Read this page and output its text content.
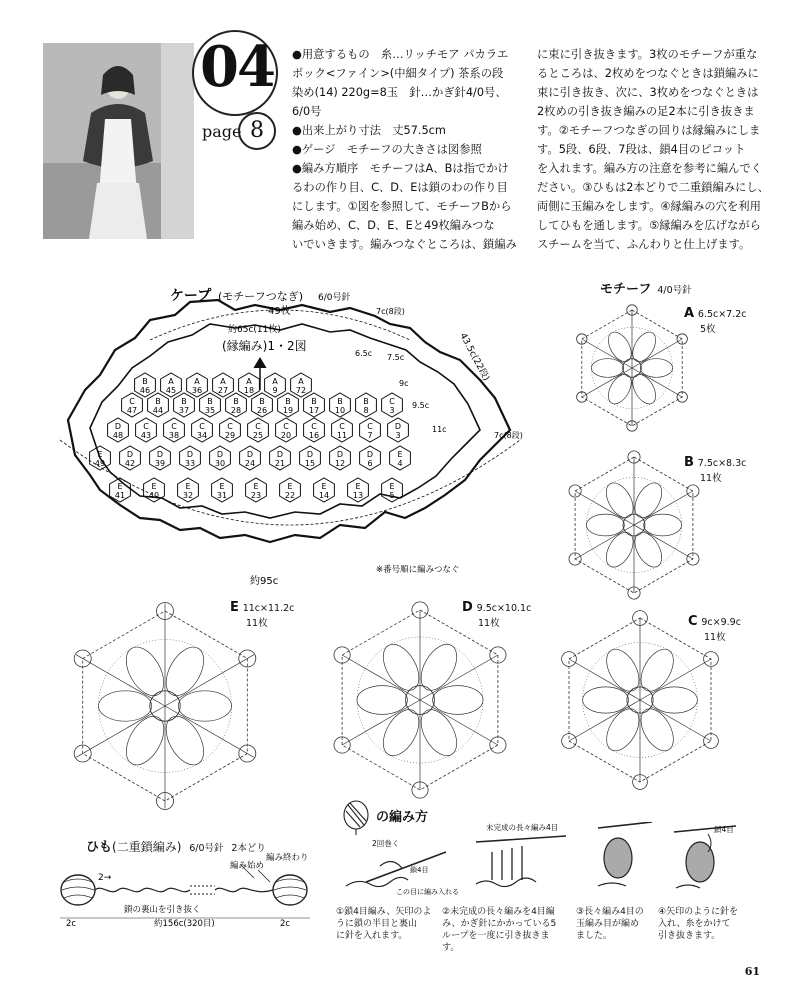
04
page 8

●用意するもの　糸…リッチモア パカラエ

ポック<ファイン>(中細タイプ) 茶系の段

染め(14) 220g=8玉　針…かぎ針4/0号、

6/0号

●出来上がり寸法　丈57.5cm

●ゲージ　モチーフの大きさは図参照

●編み方順序　モチーフはA、Bは指でかけ

るわの作り目、C、D、Eは鎖のわの作り目

にします。①図を参照して、モチーフBから

編み始め、C、D、E、Eと49枚編みつな

いでいきます。編みつなぐところは、鎖編み

に束に引き抜きます。3枚のモチーフが重な

るところは、2枚めをつなぐときは鎖編みに

束に引き抜き、次に、3枚めをつなぐときは

2枚めの引き抜き編みの足2本に引き抜きま

す。②モチーフつなぎの回りは縁編みにしま

す。5段、6段、7段は、鎖4目のピコット

を入れます。編み方の注意を参考に編んでく

ださい。③ひもは2本どりで二重鎖編みにし、

両側に玉編みをします。④縁編みの穴を利用

してひもを通します。⑤縁編みを広げながら

スチームを当て、ふんわりと仕上げます。

B
46
A
45
A
36
A
27
A
18
A
9
A
72
C
47
B
44
B
37
B
35
B
28
B
26
B
19
B
17
B
10
B
8
C
3
D
48
C
43
C
38
C
34
C
29
C
25
C
20
C
16
C
11
C
7
D
3
E
49
D
42
D
39
D
33
D
30
D
24
D
21
D
15
D
12
D
6
E
4
E
41
E
40
E
32
E
31
E
23
E
22
E
14
E
13
E
5
ケープ (モチーフつなぎ) 6/0号針
49枚
約65c(11枚)
(縁編み)1・2図
約95c
※番号順に編みつなぐ
43.5c(22段)
7c(8段)
6.5c 7.5c
9c
9.5c
11c
7c(8段)
モチーフ 4/0号針
A 6.5c×7.2c
5枚
B 7.5c×8.3c
11枚
E 11c×11.2c
11枚
D 9.5c×10.1c
11枚	C 9c×9.9c
11枚
ひも(二重鎖編み) 6/0号針 2本どり
2→
鎖の裏山を引き抜く
編み始め
編み終わり
2c	2c
約156c(320目)
の編み方
2回巻く
未完成の長々編み4目	鎖4目
鎖4目
この目に編み入れる
①鎖4目編み、矢印のよ
うに鎖の半目と裏山
に針を入れます。
②未完成の長々編みを4目編
み、かぎ針にかかっている5
ループを一度に引き抜きます。
③長々編み4目の
玉編み目が編め
ました。
④矢印のように針を
入れ、糸をかけて
引き抜きます。
61
